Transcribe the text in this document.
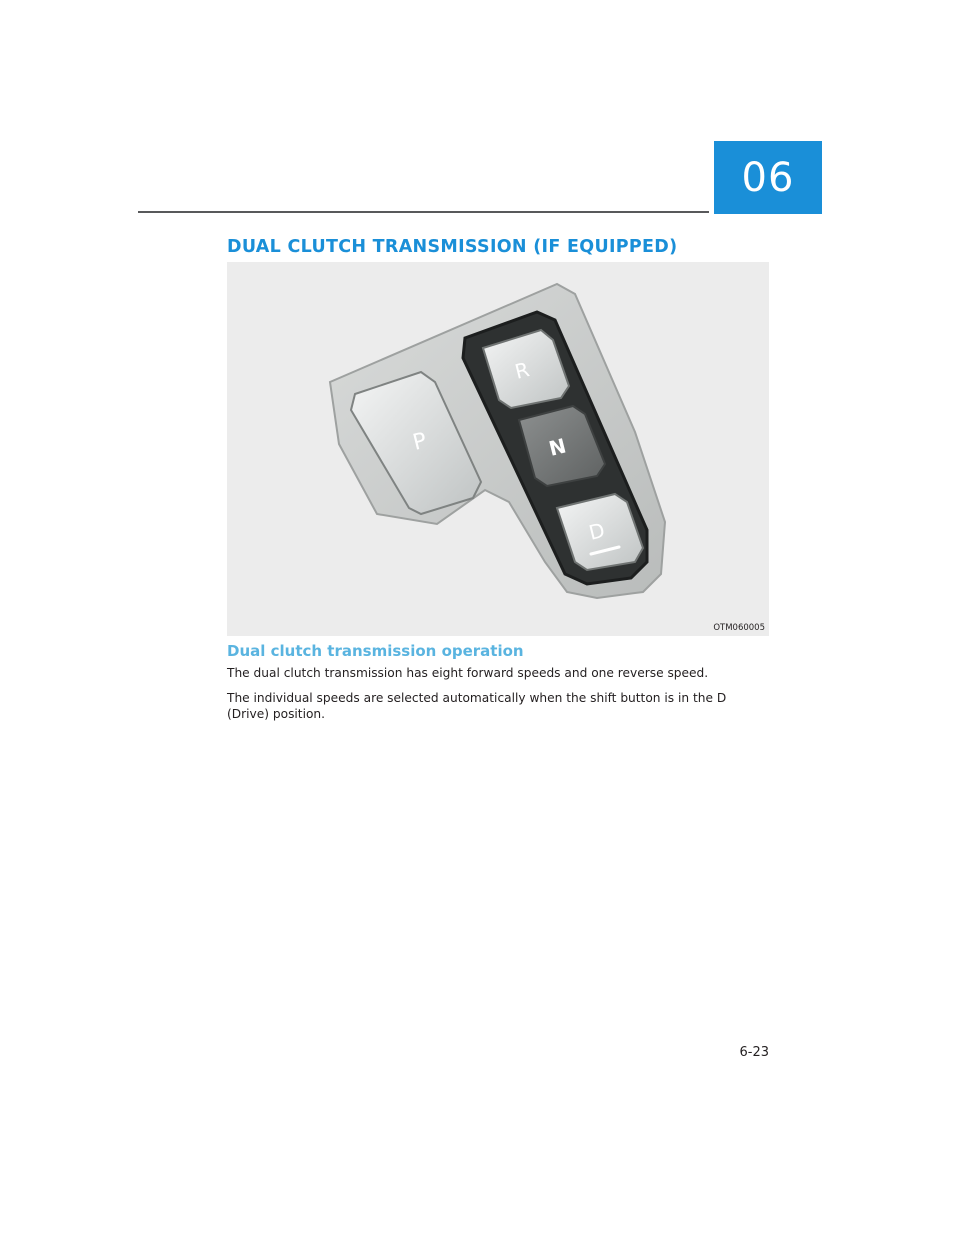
06
DUAL CLUTCH TRANSMISSION (IF EQUIPPED)
P
R
N
D
OTM060005
Dual clutch transmission operation

The dual clutch transmission has eight forward speeds and one reverse speed.

The individual speeds are selected automatically when the shift button is in the D (Drive) position.

6-23
